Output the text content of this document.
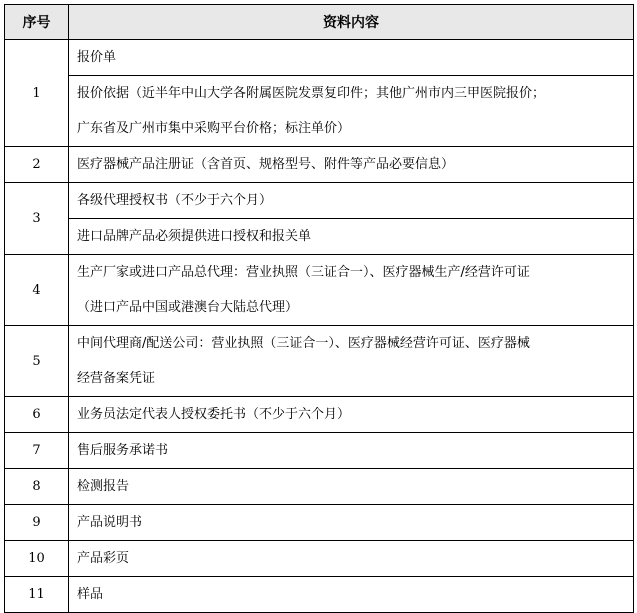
序号	资料内容
1	报价单
报价依据（近半年中山大学各附属医院发票复印件；其他广州市内三甲医院报价；
广东省及广州市集中采购平台价格；标注单价）

2	医疗器械产品注册证（含首页、规格型号、附件等产品必要信息）

3	各级代理授权书（不少于六个月）
进口品牌产品必须提供进口授权和报关单

4	生产厂家或进口产品总代理：营业执照（三证合一）、医疗器械生产/经营许可证
（进口产品中国或港澳台大陆总代理）

5	中间代理商/配送公司：营业执照（三证合一）、医疗器械经营许可证、医疗器械
经营备案凭证

6	业务员法定代表人授权委托书（不少于六个月）

7	售后服务承诺书

8	检测报告

9	产品说明书

10	产品彩页

11	样品
